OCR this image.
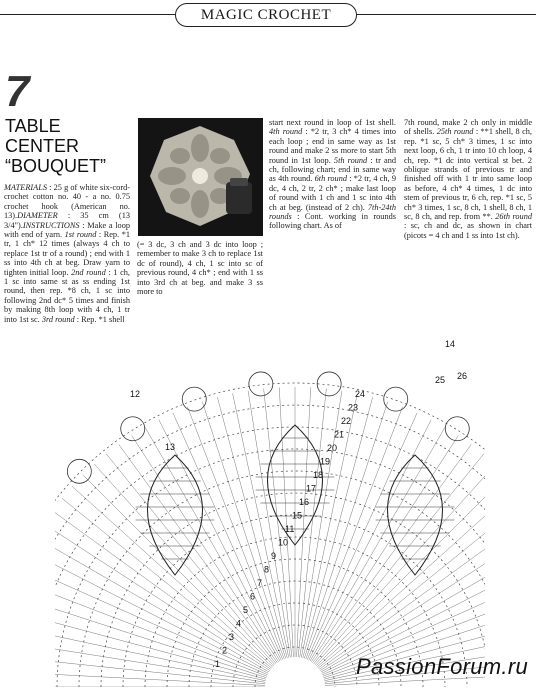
MAGIC CROCHET
7
TABLE
CENTER
“BOUQUET”
MATERIALS : 25 g of white six-cord-crochet cotton no. 40 - a no. 0.75 crochet hook (American no. 13).DIAMETER : 35 cm (13 3/4").INSTRUCTIONS : Make a loop with end of yarn. 1st round : Rep. *1 tr, 1 ch* 12 times (always 4 ch to replace 1st tr of a round) ; end with 1 ss into 4th ch at beg. Draw yarn to tighten initial loop. 2nd round : 1 ch, 1 sc into same st as ss ending 1st round, then rep. *8 ch, 1 sc into following 2nd dc* 5 times and finish by making 8th loop with 4 ch, 1 tr into 1st sc. 3rd round : Rep. *1 shell
(= 3 dc, 3 ch and 3 dc into loop ; remember to make 3 ch to replace 1st dc of round), 4 ch, 1 sc into sc of previous round, 4 ch* ; end with 1 ss into 3rd ch at beg. and make 3 ss more to
start next round in loop of 1st shell. 4th round : *2 tr, 3 ch* 4 times into each loop ; end in same way as 1st round and make 2 ss more to start 5th round in 1st loop. 5th round : tr and ch, following chart; end in same way as 4th round. 6th round : *2 tr, 4 ch, 9 dc, 4 ch, 2 tr, 2 ch* ; make last loop of round with 1 ch and 1 sc into 4th ch at beg. (instead of 2 ch). 7th-24th rounds : Cont. working in rounds following chart. As of
7th round, make 2 ch only in middle of shells. 25th round : **1 shell, 8 ch, rep. *1 sc, 5 ch* 3 times, 1 sc into next loop, 6 ch, 1 tr into 10 ch loop, 4 ch, rep. *1 dc into vertical st bet. 2 oblique strands of previous tr and finished off with 1 tr into same loop as before, 4 ch* 4 times, 1 dc into stem of previous tr, 6 ch, rep. *1 sc, 5 ch* 3 times, 1 sc, 8 ch, 1 shell, 8 ch, 1 sc, 8 ch, and rep. from **. 26th round : sc, ch and dc, as shown in chart (picots = 4 ch and 1 ss into 1st ch).
14
12
13
25 26
24
23
22
21
20
19
18
17
16
15
11
10
9
8
7
6
5
4
3
2
1	PassionForum.ru
